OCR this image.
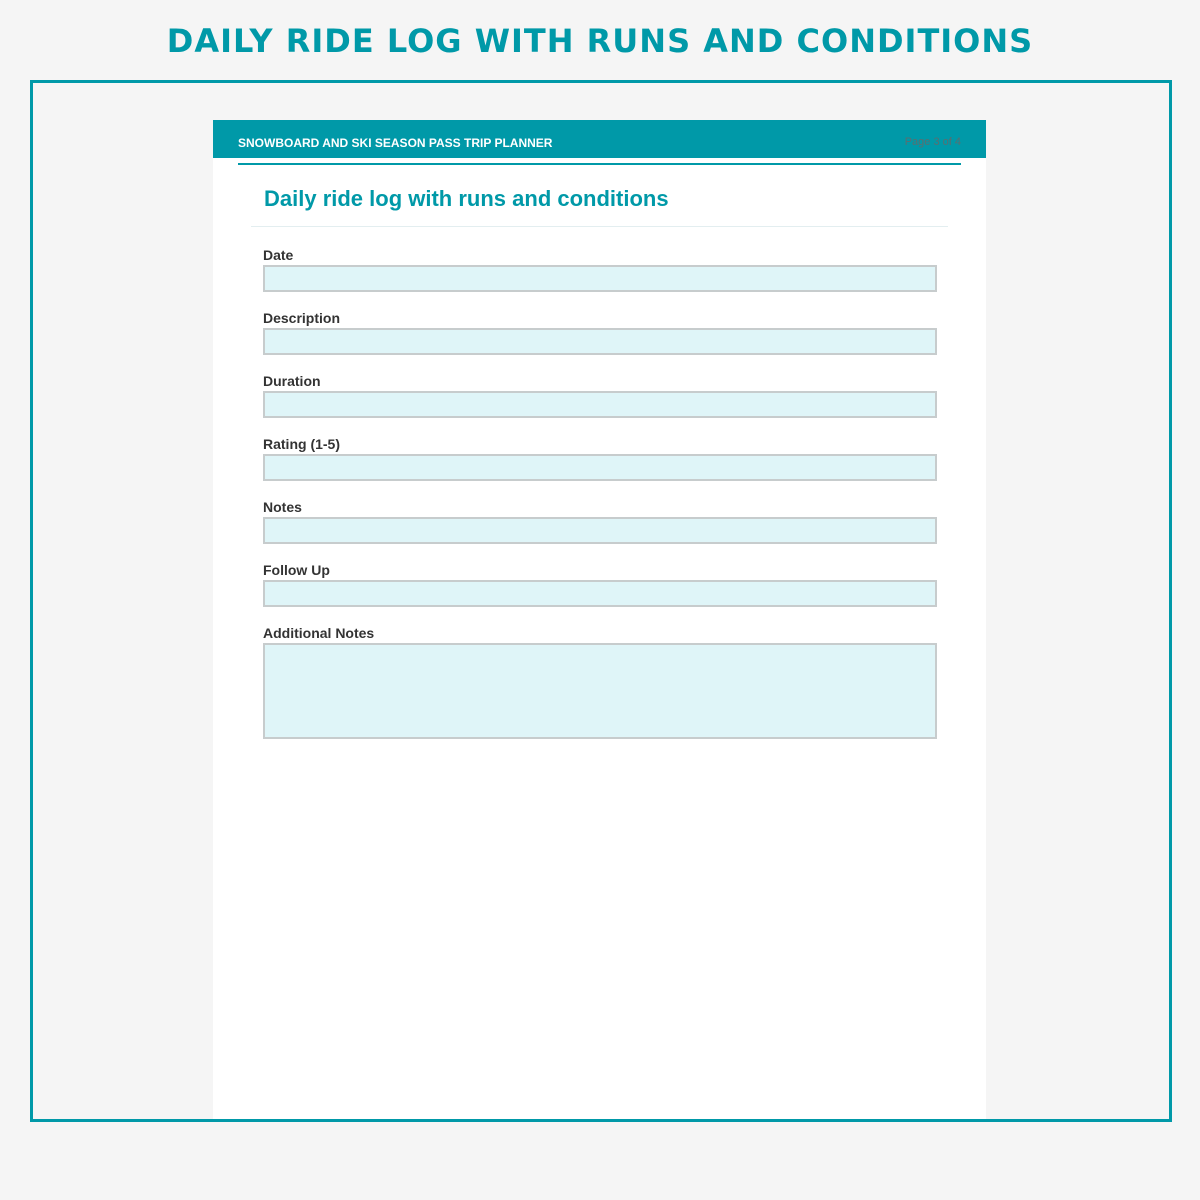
DAILY RIDE LOG WITH RUNS AND CONDITIONS
SNOWBOARD AND SKI SEASON PASS TRIP PLANNER	Page 3 of 4
Daily ride log with runs and conditions
Date
Description
Duration
Rating (1-5)
Notes
Follow Up
Additional Notes
